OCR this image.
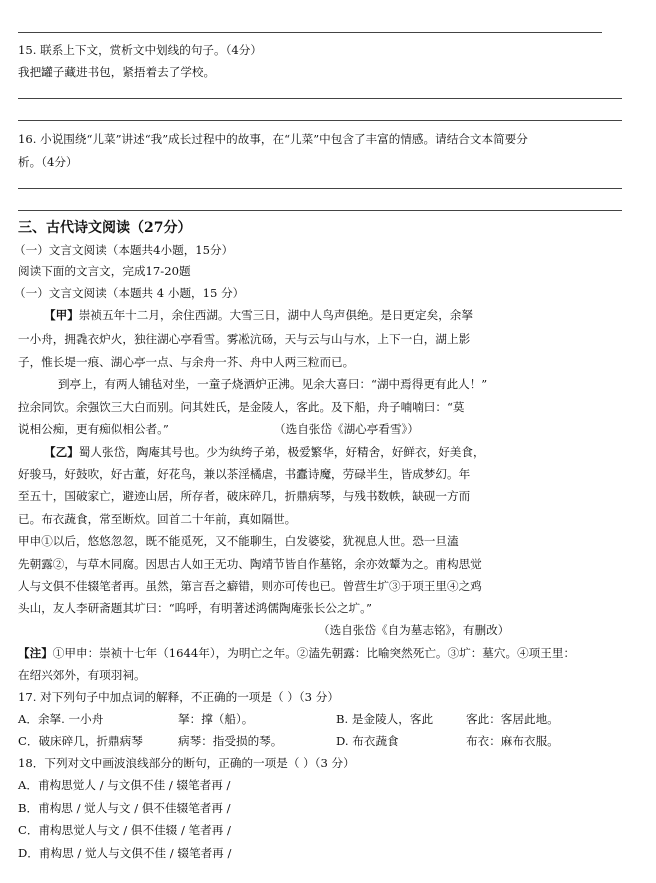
15. 联系上下文，赏析文中划线的句子。（4分）
我把罐子藏进书包，紧捂着去了学校。
16. 小说围绕“儿菜”讲述“我”成长过程中的故事，在“儿菜”中包含了丰富的情感。请结合文本简要分
析。（4分）
三、古代诗文阅读（27分）
（一）文言文阅读（本题共4小题，15分）
阅读下面的文言文，完成17-20题
（一）文言文阅读（本题共 4 小题，15 分）
【甲】崇祯五年十二月，余住西湖。大雪三日，湖中人鸟声俱绝。是日更定矣，余拏
一小舟，拥毳衣炉火，独往湖心亭看雪。雾凇沆砀，天与云与山与水，上下一白，湖上影
子，惟长堤一痕、湖心亭一点、与余舟一芥、舟中人两三粒而已。
到亭上，有两人铺毡对坐，一童子烧酒炉正沸。见余大喜曰：“湖中焉得更有此人！”
拉余同饮。余强饮三大白而别。问其姓氏，是金陵人，客此。及下船，舟子喃喃曰：“莫
说相公痴，更有痴似相公者。”	（选自张岱《湖心亭看雪》）
【乙】蜀人张岱，陶庵其号也。少为纨绔子弟，极爱繁华，好精舍，好鲜衣，好美食，
好骏马，好鼓吹，好古董，好花鸟，兼以茶淫橘虐，书蠹诗魔，劳碌半生，皆成梦幻。年
至五十，国破家亡，避迹山居，所存者，破床碎几，折鼎病琴，与残书数帙，缺砚一方而
已。布衣蔬食，常至断炊。回首二十年前，真如隔世。
甲申①以后，悠悠忽忽，既不能觅死，又不能聊生，白发婆娑，犹视息人世。恐一旦溘
先朝露②，与草木同腐。因思古人如王无功、陶靖节皆自作墓铭，余亦效颦为之。甫构思觉
人与文俱不佳辍笔者再。虽然，第言吾之癖错，则亦可传也已。曾营生圹③于项王里④之鸡
头山，友人李研斋题其圹曰：“呜呼，有明著述鸿儒陶庵张长公之圹。”
（选自张岱《自为墓志铭》，有删改）
【注】①甲申：崇祯十七年（1644年），为明亡之年。②溘先朝露：比喻突然死亡。③圹：墓穴。④项王里：
在绍兴郊外，有项羽祠。
17. 对下列句子中加点词的解释，不正确的一项是（ ）（3 分）
A．余拏. 一小舟	拏：撑（船）。	B. 是金陵人，客此	客此：客居此地。
C．破床碎几，折鼎病琴	病琴：指受损的琴。	D. 布衣蔬食	布衣：麻布衣服。
18．下列对文中画波浪线部分的断句，正确的一项是（ ）（3 分）
A．甫构思觉人 / 与文俱不佳 / 辍笔者再 /
B．甫构思 / 觉人与文 / 俱不佳辍笔者再 /
C．甫构思觉人与文 / 俱不佳辍 / 笔者再 /
D．甫构思 / 觉人与文俱不佳 / 辍笔者再 /
